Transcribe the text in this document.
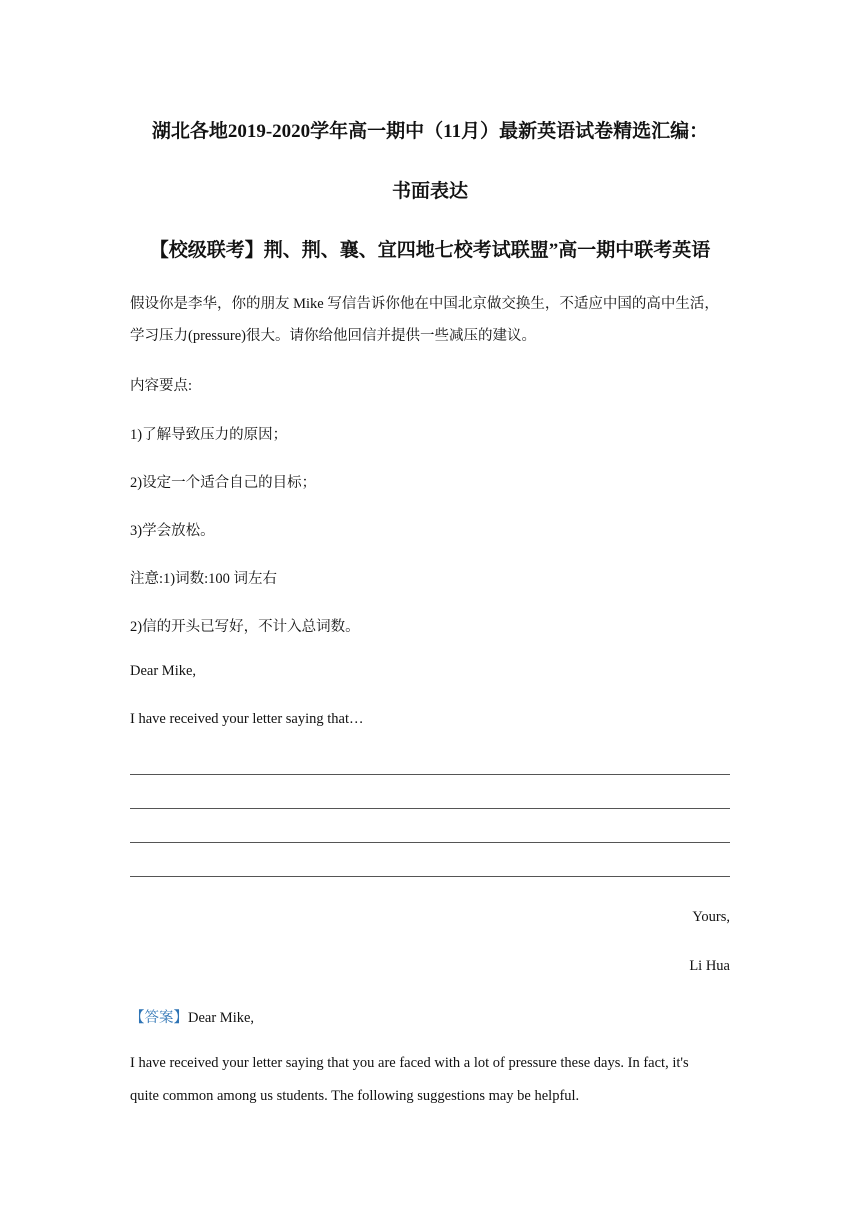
湖北各地2019-2020学年高一期中（11月）最新英语试卷精选汇编：
书面表达
【校级联考】荆、荆、襄、宜四地七校考试联盟”高一期中联考英语
假设你是李华，你的朋友 Mike 写信告诉你他在中国北京做交换生，不适应中国的高中生活，
学习压力(pressure)很大。请你给他回信并提供一些减压的建议。
内容要点:
1)了解导致压力的原因；
2)设定一个适合自己的目标；
3)学会放松。
注意:1)词数:100 词左右
2)信的开头已写好，不计入总词数。
Dear Mike,
I have received your letter saying that…
Yours,
Li Hua
【答案】Dear Mike,
I have received your letter saying that you are faced with a lot of pressure these days. In fact, it's
quite common among us students. The following suggestions may be helpful.
